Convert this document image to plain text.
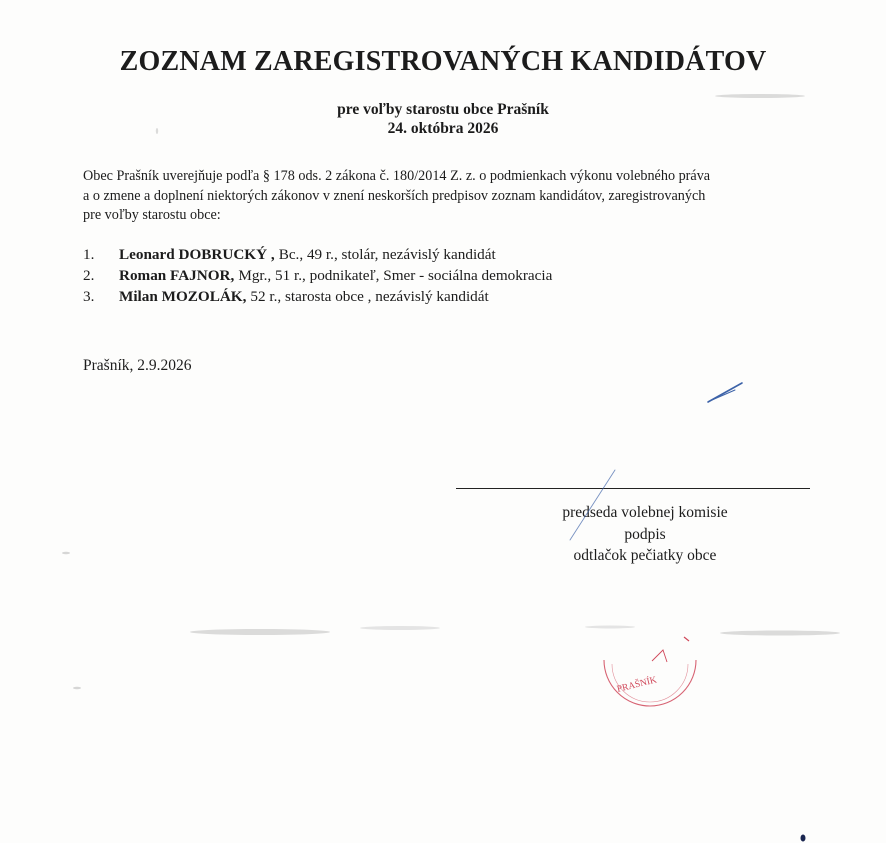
ZOZNAM ZAREGISTROVANÝCH KANDIDÁTOV
pre voľby starostu obce Prašník
24. októbra 2026
Obec Prašník uverejňuje podľa § 178 ods. 2 zákona č. 180/2014 Z. z. o podmienkach výkonu volebného práva
a o zmene a doplnení niektorých zákonov v znení neskorších predpisov zoznam kandidátov, zaregistrovaných
pre voľby starostu obce:
1.	Leonard DOBRUCKÝ , Bc., 49 r., stolár, nezávislý kandidát
2.	Roman FAJNOR, Mgr., 51 r., podnikateľ, Smer - sociálna demokracia
3.	Milan MOZOLÁK, 52 r., starosta obce , nezávislý kandidát
Prašník, 2.9.2026
predseda volebnej komisie
podpis
odtlačok pečiatky obce
PRAŠNÍK
